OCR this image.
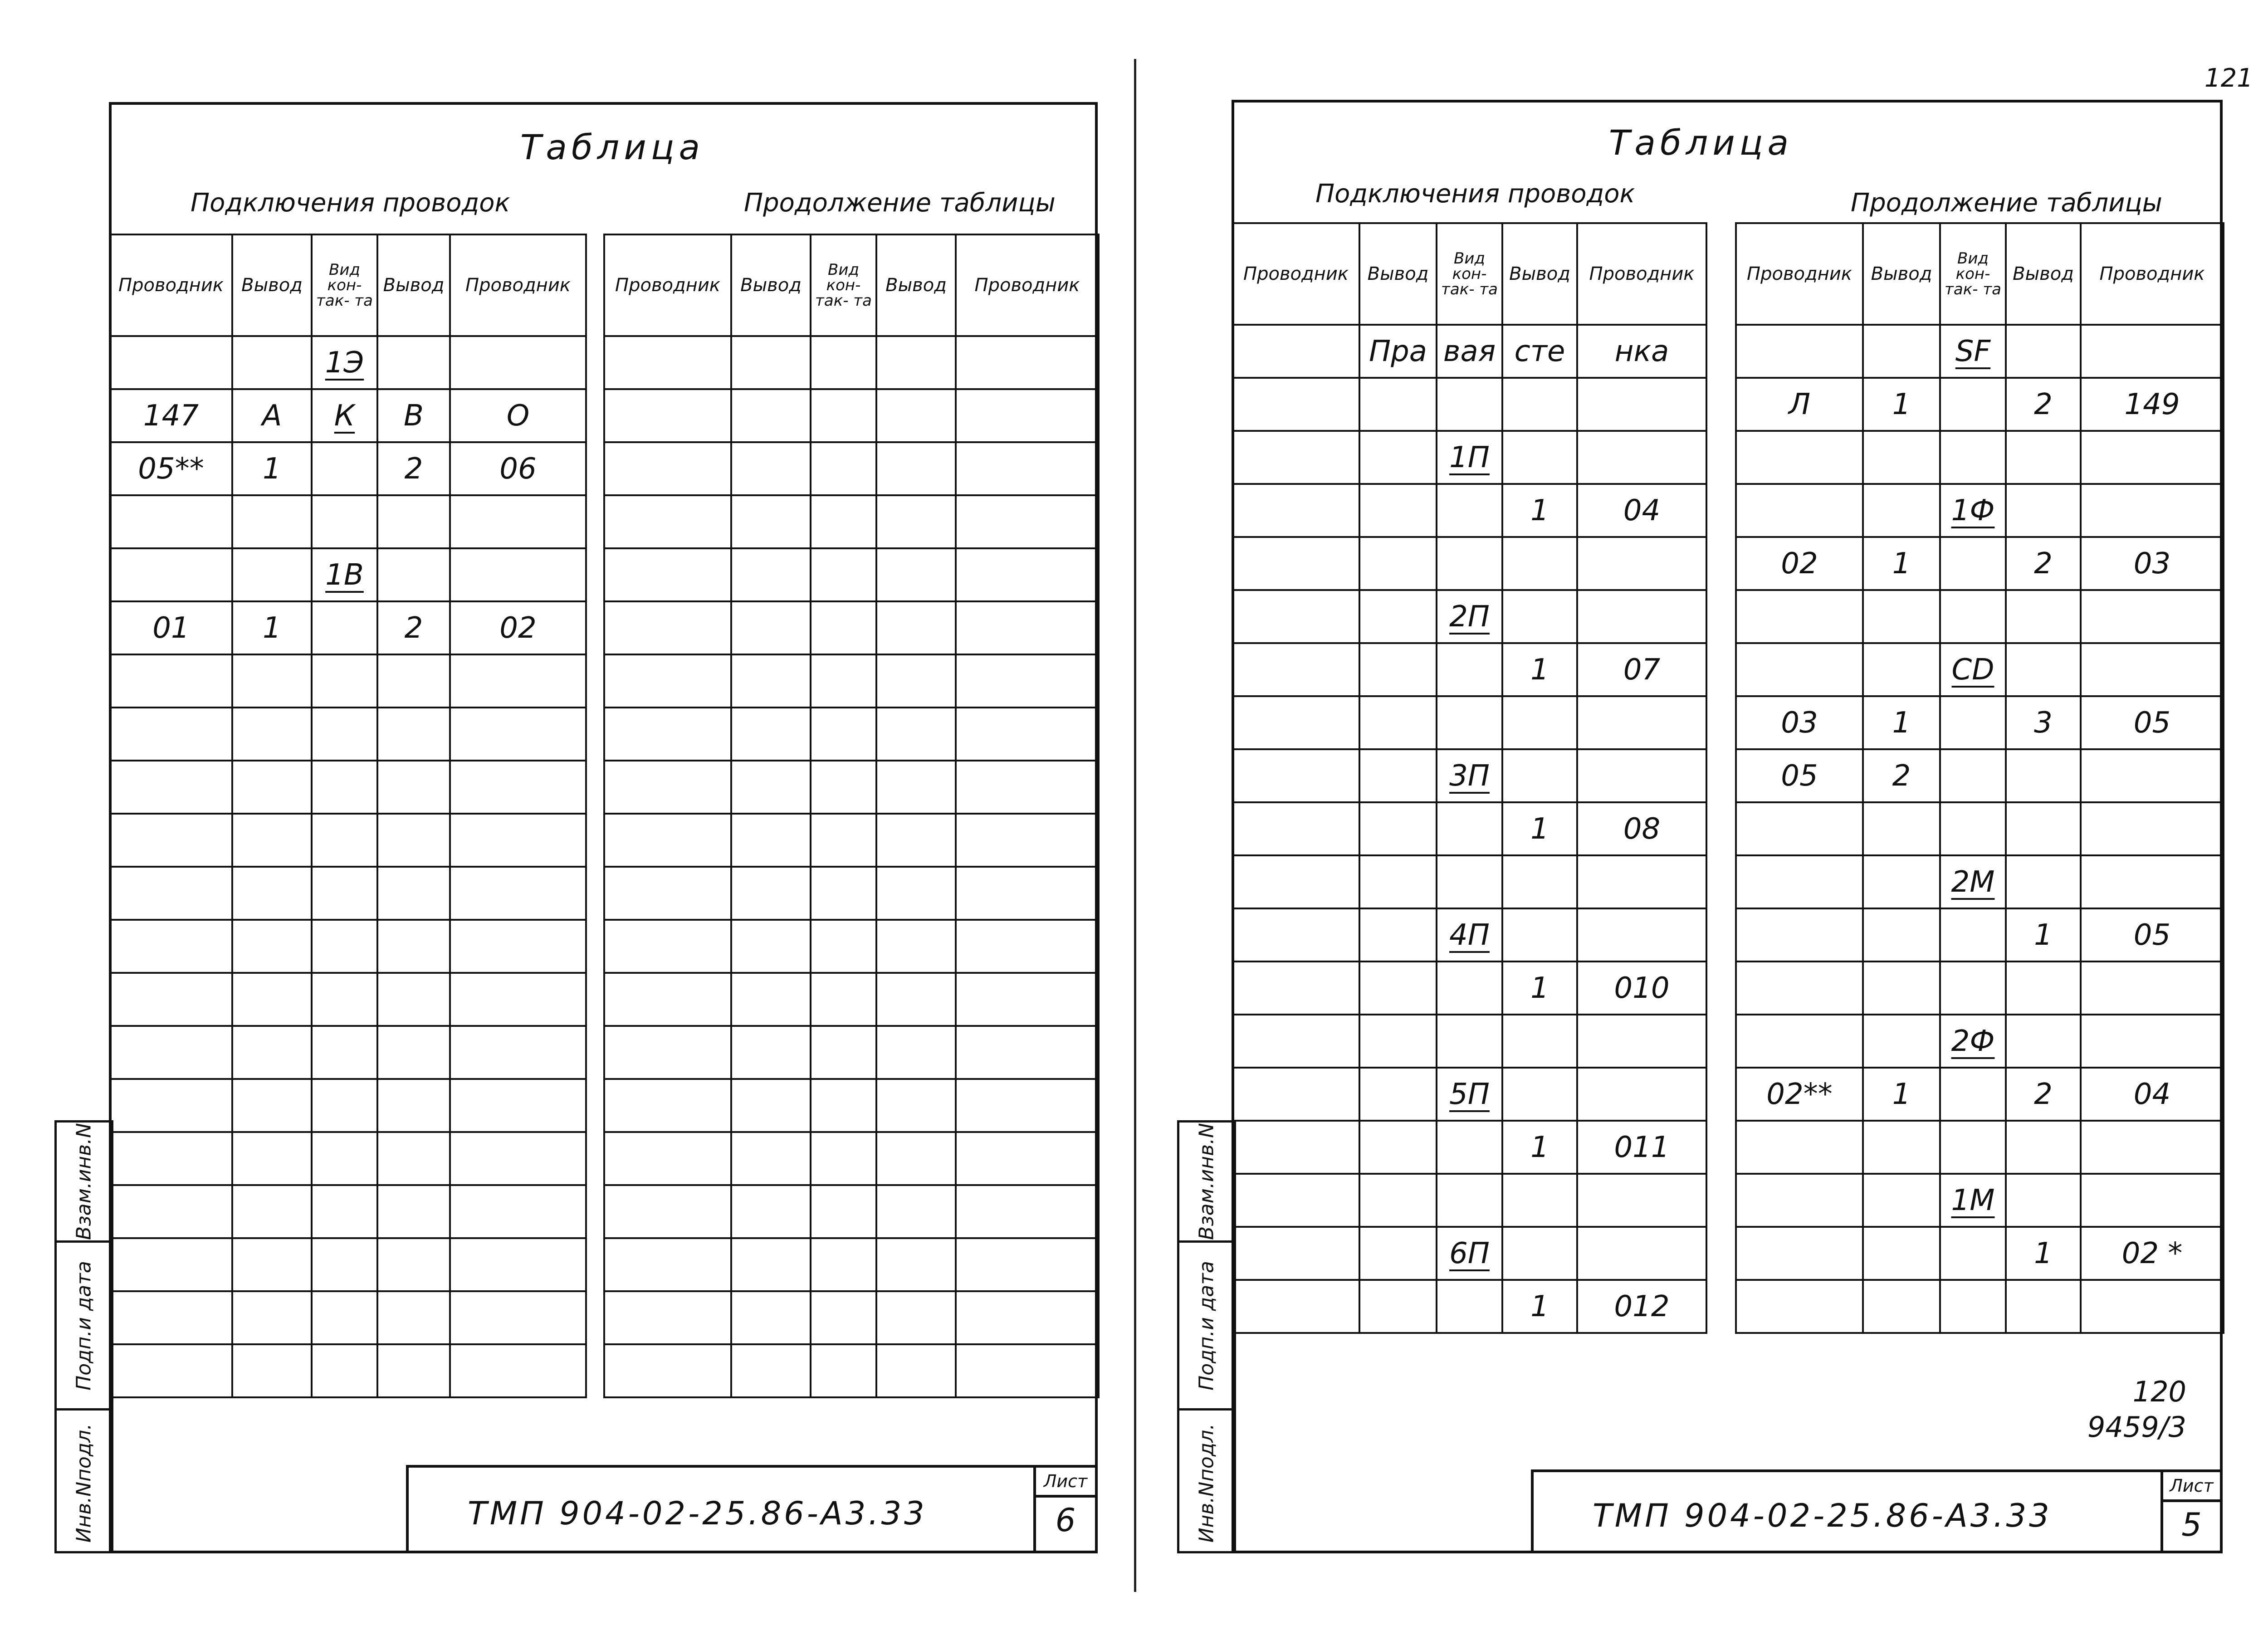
Таблица
Подключения проводок	Продолжение таблицы
Проводник	Вывод	Вид кон- так- та	Вывод	Проводник
		1Э		
147	А	К	В	О
05**	1		2	06

		1В		
01	1		2	02

Проводник	Вывод	Вид кон- так- та	Вывод	Проводник

Взам.инв.N
Подп.и дата
Инв.Nподл.	ТМП 904-02-25.86-А3.33
Лист
6
121
Таблица
Подключения проводок	Продолжение таблицы
Проводник	Вывод	Вид кон- так- та	Вывод	Проводник
	Пра	вая	сте	нка

		1П		
			1	04

		2П		
			1	07

		3П		
			1	08

		4П		
			1	010

		5П		
			1	011

		6П		
			1	012
Проводник	Вывод	Вид кон- так- та	Вывод	Проводник
		SF		
Л	1		2	149

		1Ф		
02	1		2	03

		CD		
03	1		3	05
05	2			

		2М		
			1	05

		2Ф		
02**	1		2	04

		1М		
			1	02 *

120
9459/3
Взам.инв.N
Подп.и дата
Инв.Nподл.	ТМП 904-02-25.86-А3.33
Лист
5
